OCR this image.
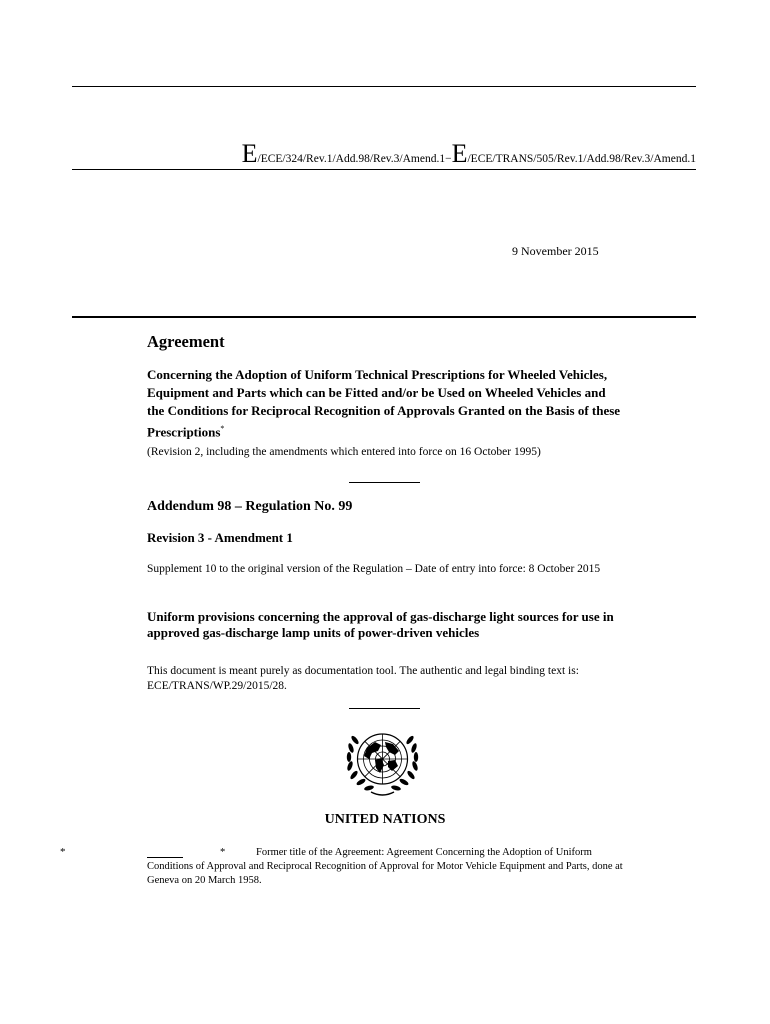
E/ECE/324/Rev.1/Add.98/Rev.3/Amend.1−E/ECE/TRANS/505/Rev.1/Add.98/Rev.3/Amend.1
9 November 2015
Agreement
Concerning the Adoption of Uniform Technical Prescriptions for Wheeled Vehicles, Equipment and Parts which can be Fitted and/or be Used on Wheeled Vehicles and the Conditions for Reciprocal Recognition of Approvals Granted on the Basis of these Prescriptions*
(Revision 2, including the amendments which entered into force on 16 October 1995)
Addendum 98 – Regulation No. 99
Revision 3 - Amendment 1
Supplement 10 to the original version of the Regulation – Date of entry into force: 8 October 2015
Uniform provisions concerning the approval of gas-discharge light sources for use in approved gas-discharge lamp units of power-driven vehicles
This document is meant purely as documentation tool. The authentic and legal binding text is: ECE/TRANS/WP.29/2015/28.
UNITED NATIONS
*	*	Former title of the Agreement: Agreement Concerning the Adoption of Uniform Conditions of Approval and Reciprocal Recognition of Approval for Motor Vehicle Equipment and Parts, done at Geneva on 20 March 1958.
